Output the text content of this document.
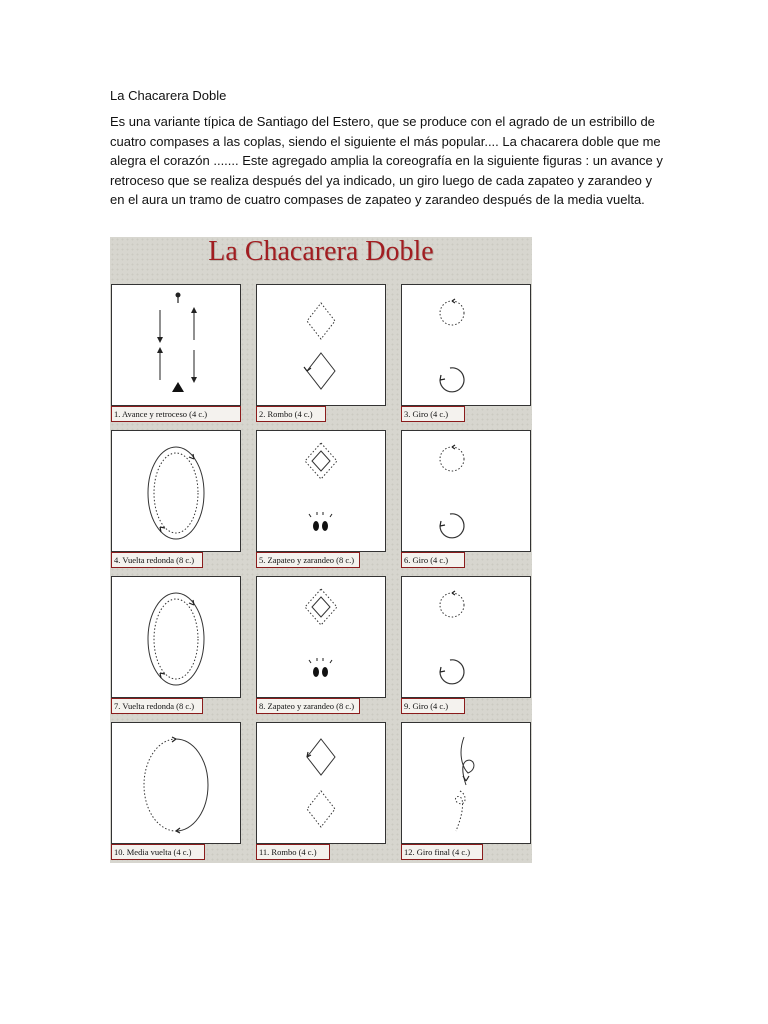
La Chacarera Doble

Es una variante típica de Santiago del Estero, que se produce con el agrado de un estribillo de
cuatro compases a las coplas, siendo el siguiente el más popular.... La chacarera doble que me
alegra el corazón ....... Este agregado amplia la coreografía en la siguiente figuras : un avance y
retroceso que se realiza después del ya indicado, un giro luego de cada zapateo y zarandeo y
en el aura un tramo de cuatro compases de zapateo y zarandeo después de la media vuelta.

La Chacarera Doble
1. Avance y retroceso (4 c.)	2. Rombo (4 c.)	3. Giro (4 c.)
4. Vuelta redonda (8 c.)	5. Zapateo y zarandeo (8 c.)	6. Giro (4 c.)
7. Vuelta redonda (8 c.)	8. Zapateo y zarandeo (8 c.)	9. Giro (4 c.)
10. Media vuelta (4 c.)	11. Rombo (4 c.)	12. Giro final (4 c.)
